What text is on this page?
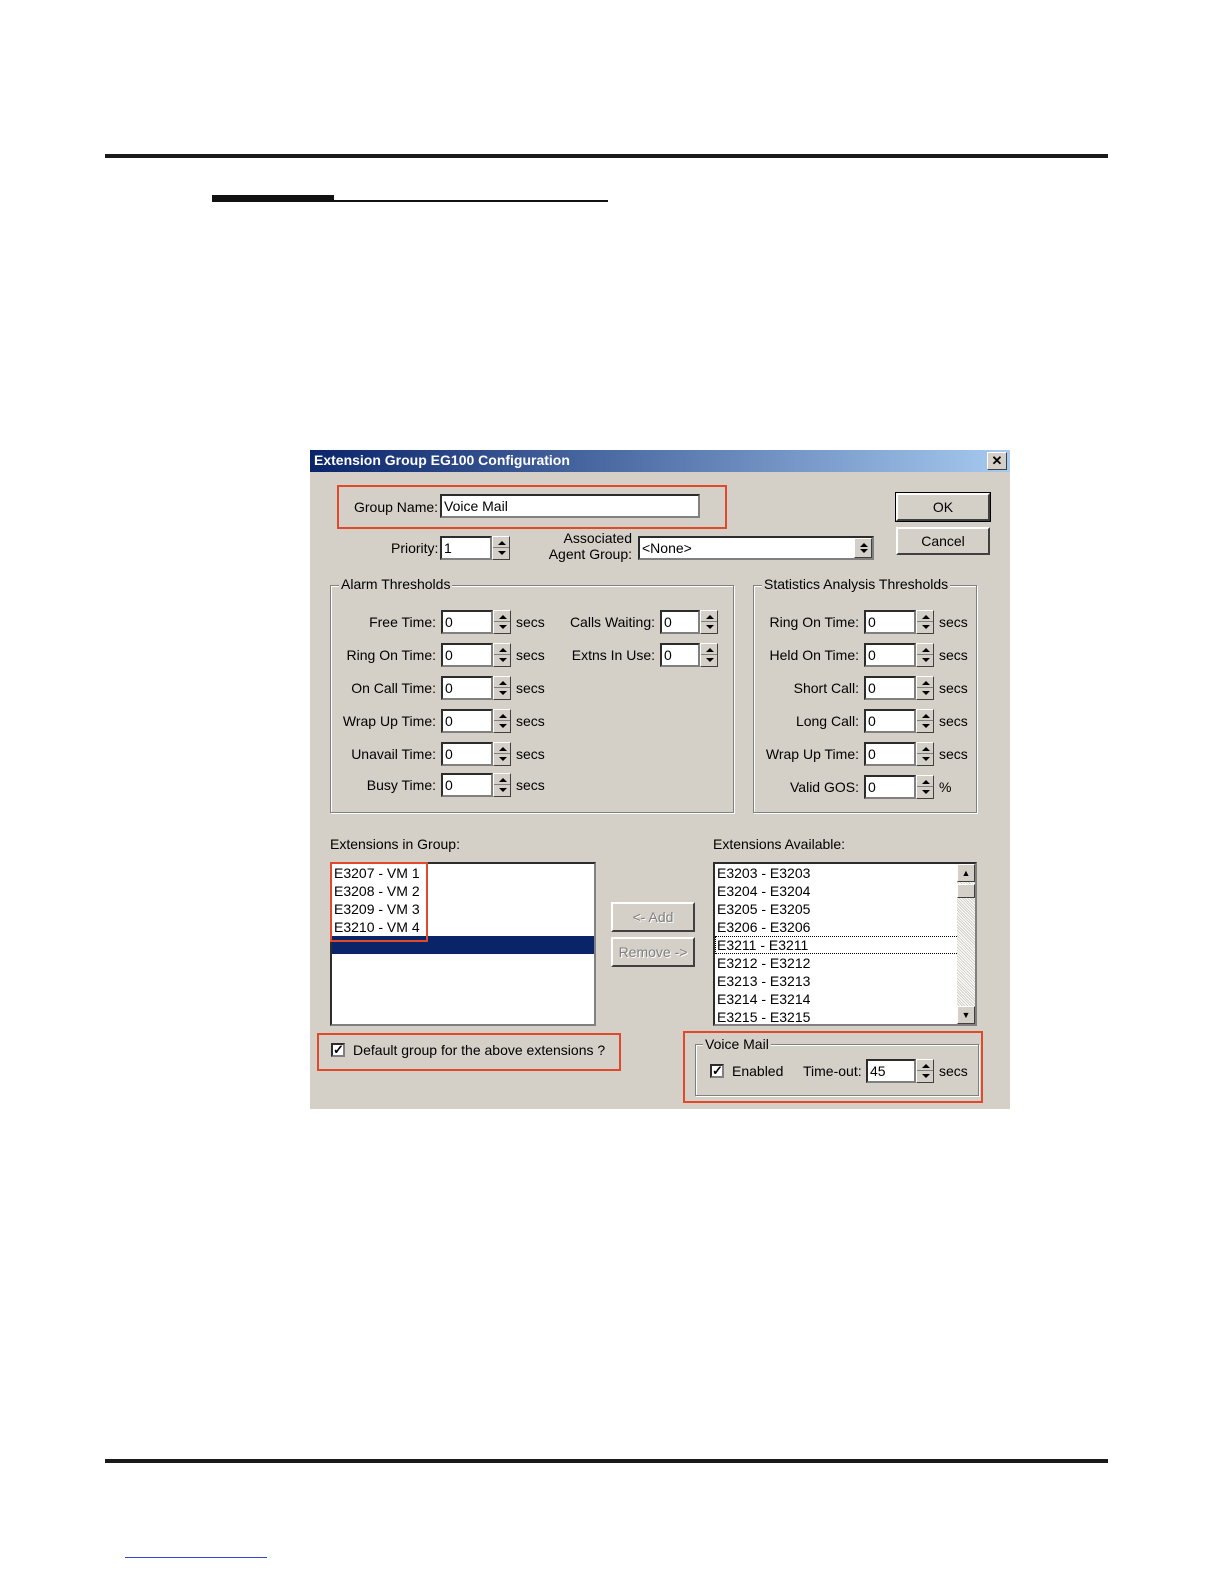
Extension Group EG100 Configuration	✕
Group Name: Voice Mail
Priority: 1
Associated
Agent Group: <None>
OK
Cancel
Alarm Thresholds
Free Time: 0	secs
Ring On Time: 0	secs
On Call Time: 0	secs
Wrap Up Time: 0	secs
Unavail Time: 0	secs
Busy Time: 0	secs
Calls Waiting: 0
Extns In Use: 0
Statistics Analysis Thresholds
Ring On Time: 0	secs
Held On Time: 0	secs
Short Call: 0	secs
Long Call: 0	secs
Wrap Up Time: 0	secs
Valid GOS: 0	%
Extensions in Group:
E3207 - VM 1
E3208 - VM 2
E3209 - VM 3
E3210 - VM 4
<- Add
Remove ->
Extensions Available:
E3203 - E3203
E3204 - E3204
E3205 - E3205
E3206 - E3206
E3211 - E3211
E3212 - E3212
E3213 - E3213
E3214 - E3214
E3215 - E3215
▲
▼
✓ Default group for the above extensions ?	Voice Mail
✓ Enabled Time-out: 45	secs
